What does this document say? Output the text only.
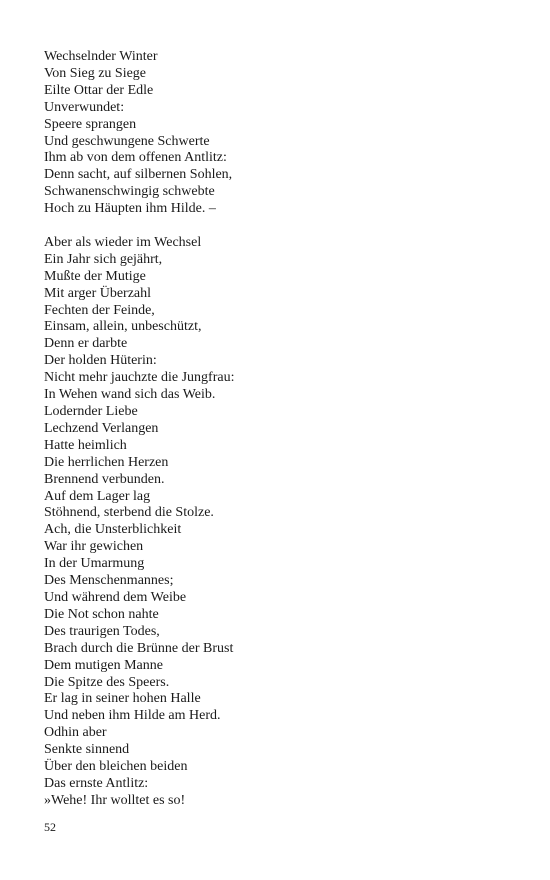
Wechselnder Winter
Von Sieg zu Siege
Eilte Ottar der Edle
Unverwundet:
Speere sprangen
Und geschwungene Schwerte
Ihm ab von dem offenen Antlitz:
Denn sacht, auf silbernen Sohlen,
Schwanenschwingig schwebte
Hoch zu Häupten ihm Hilde. –
Aber als wieder im Wechsel
Ein Jahr sich gejährt,
Mußte der Mutige
Mit arger Überzahl
Fechten der Feinde,
Einsam, allein, unbeschützt,
Denn er darbte
Der holden Hüterin:
Nicht mehr jauchzte die Jungfrau:
In Wehen wand sich das Weib.
Lodernder Liebe
Lechzend Verlangen
Hatte heimlich
Die herrlichen Herzen
Brennend verbunden.
Auf dem Lager lag
Stöhnend, sterbend die Stolze.
Ach, die Unsterblichkeit
War ihr gewichen
In der Umarmung
Des Menschenmannes;
Und während dem Weibe
Die Not schon nahte
Des traurigen Todes,
Brach durch die Brünne der Brust
Dem mutigen Manne
Die Spitze des Speers.
Er lag in seiner hohen Halle
Und neben ihm Hilde am Herd.
Odhin aber
Senkte sinnend
Über den bleichen beiden
Das ernste Antlitz:
»Wehe! Ihr wolltet es so!
52
